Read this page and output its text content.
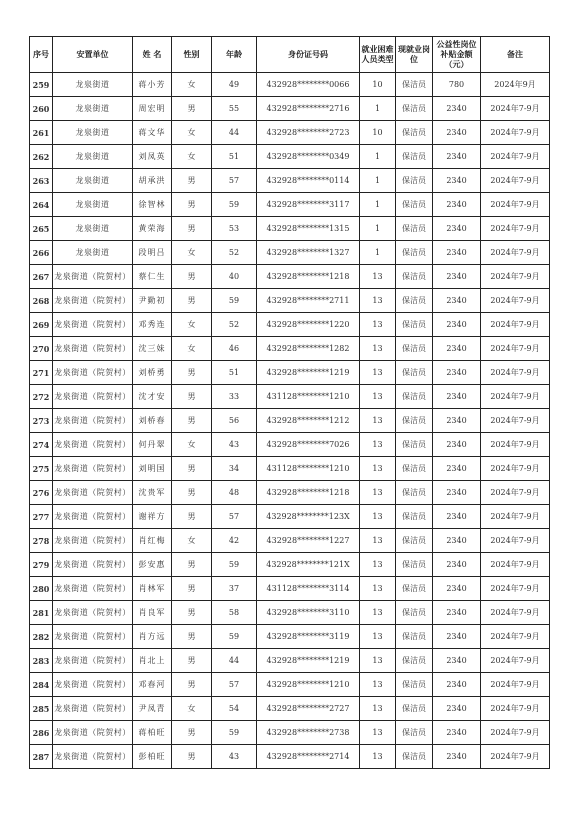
序号	安置单位	姓 名	性别	年龄	身份证号码	就业困难人员类型	现就业岗位	公益性岗位补贴金额（元）	备注
259	龙泉街道	蒋小芳	女	49	432928********0066	10	保洁员	780	2024年9月
260	龙泉街道	周宏明	男	55	432928********2716	1	保洁员	2340	2024年7-9月
261	龙泉街道	蒋文华	女	44	432928********2723	10	保洁员	2340	2024年7-9月
262	龙泉街道	刘凤英	女	51	432928********0349	1	保洁员	2340	2024年7-9月
263	龙泉街道	胡承洪	男	57	432928********0114	1	保洁员	2340	2024年7-9月
264	龙泉街道	徐智林	男	59	432928********3117	1	保洁员	2340	2024年7-9月
265	龙泉街道	黄荣海	男	53	432928********1315	1	保洁员	2340	2024年7-9月
266	龙泉街道	段明吕	女	52	432928********1327	1	保洁员	2340	2024年7-9月
267	龙泉街道（院贺村）	蔡仁生	男	40	432928********1218	13	保洁员	2340	2024年7-9月
268	龙泉街道（院贺村）	尹勤初	男	59	432928********2711	13	保洁员	2340	2024年7-9月
269	龙泉街道（院贺村）	邓秀连	女	52	432928********1220	13	保洁员	2340	2024年7-9月
270	龙泉街道（院贺村）	沈三妹	女	46	432928********1282	13	保洁员	2340	2024年7-9月
271	龙泉街道（院贺村）	刘桥勇	男	51	432928********1219	13	保洁员	2340	2024年7-9月
272	龙泉街道（院贺村）	沈才安	男	33	431128********1210	13	保洁员	2340	2024年7-9月
273	龙泉街道（院贺村）	刘桥春	男	56	432928********1212	13	保洁员	2340	2024年7-9月
274	龙泉街道（院贺村）	何丹翠	女	43	432928********7026	13	保洁员	2340	2024年7-9月
275	龙泉街道（院贺村）	刘明国	男	34	431128********1210	13	保洁员	2340	2024年7-9月
276	龙泉街道（院贺村）	沈贵军	男	48	432928********1218	13	保洁员	2340	2024年7-9月
277	龙泉街道（院贺村）	谢祥方	男	57	432928********123X	13	保洁员	2340	2024年7-9月
278	龙泉街道（院贺村）	肖红梅	女	42	432928********1227	13	保洁员	2340	2024年7-9月
279	龙泉街道（院贺村）	彭安惠	男	59	432928********121X	13	保洁员	2340	2024年7-9月
280	龙泉街道（院贺村）	肖林军	男	37	431128********3114	13	保洁员	2340	2024年7-9月
281	龙泉街道（院贺村）	肖良军	男	58	432928********3110	13	保洁员	2340	2024年7-9月
282	龙泉街道（院贺村）	肖方远	男	59	432928********3119	13	保洁员	2340	2024年7-9月
283	龙泉街道（院贺村）	肖北上	男	44	432928********1219	13	保洁员	2340	2024年7-9月
284	龙泉街道（院贺村）	邓春河	男	57	432928********1210	13	保洁员	2340	2024年7-9月
285	龙泉街道（院贺村）	尹凤青	女	54	432928********2727	13	保洁员	2340	2024年7-9月
286	龙泉街道（院贺村）	蒋柏旺	男	59	432928********2738	13	保洁员	2340	2024年7-9月
287	龙泉街道（院贺村）	彭柏旺	男	43	432928********2714	13	保洁员	2340	2024年7-9月
